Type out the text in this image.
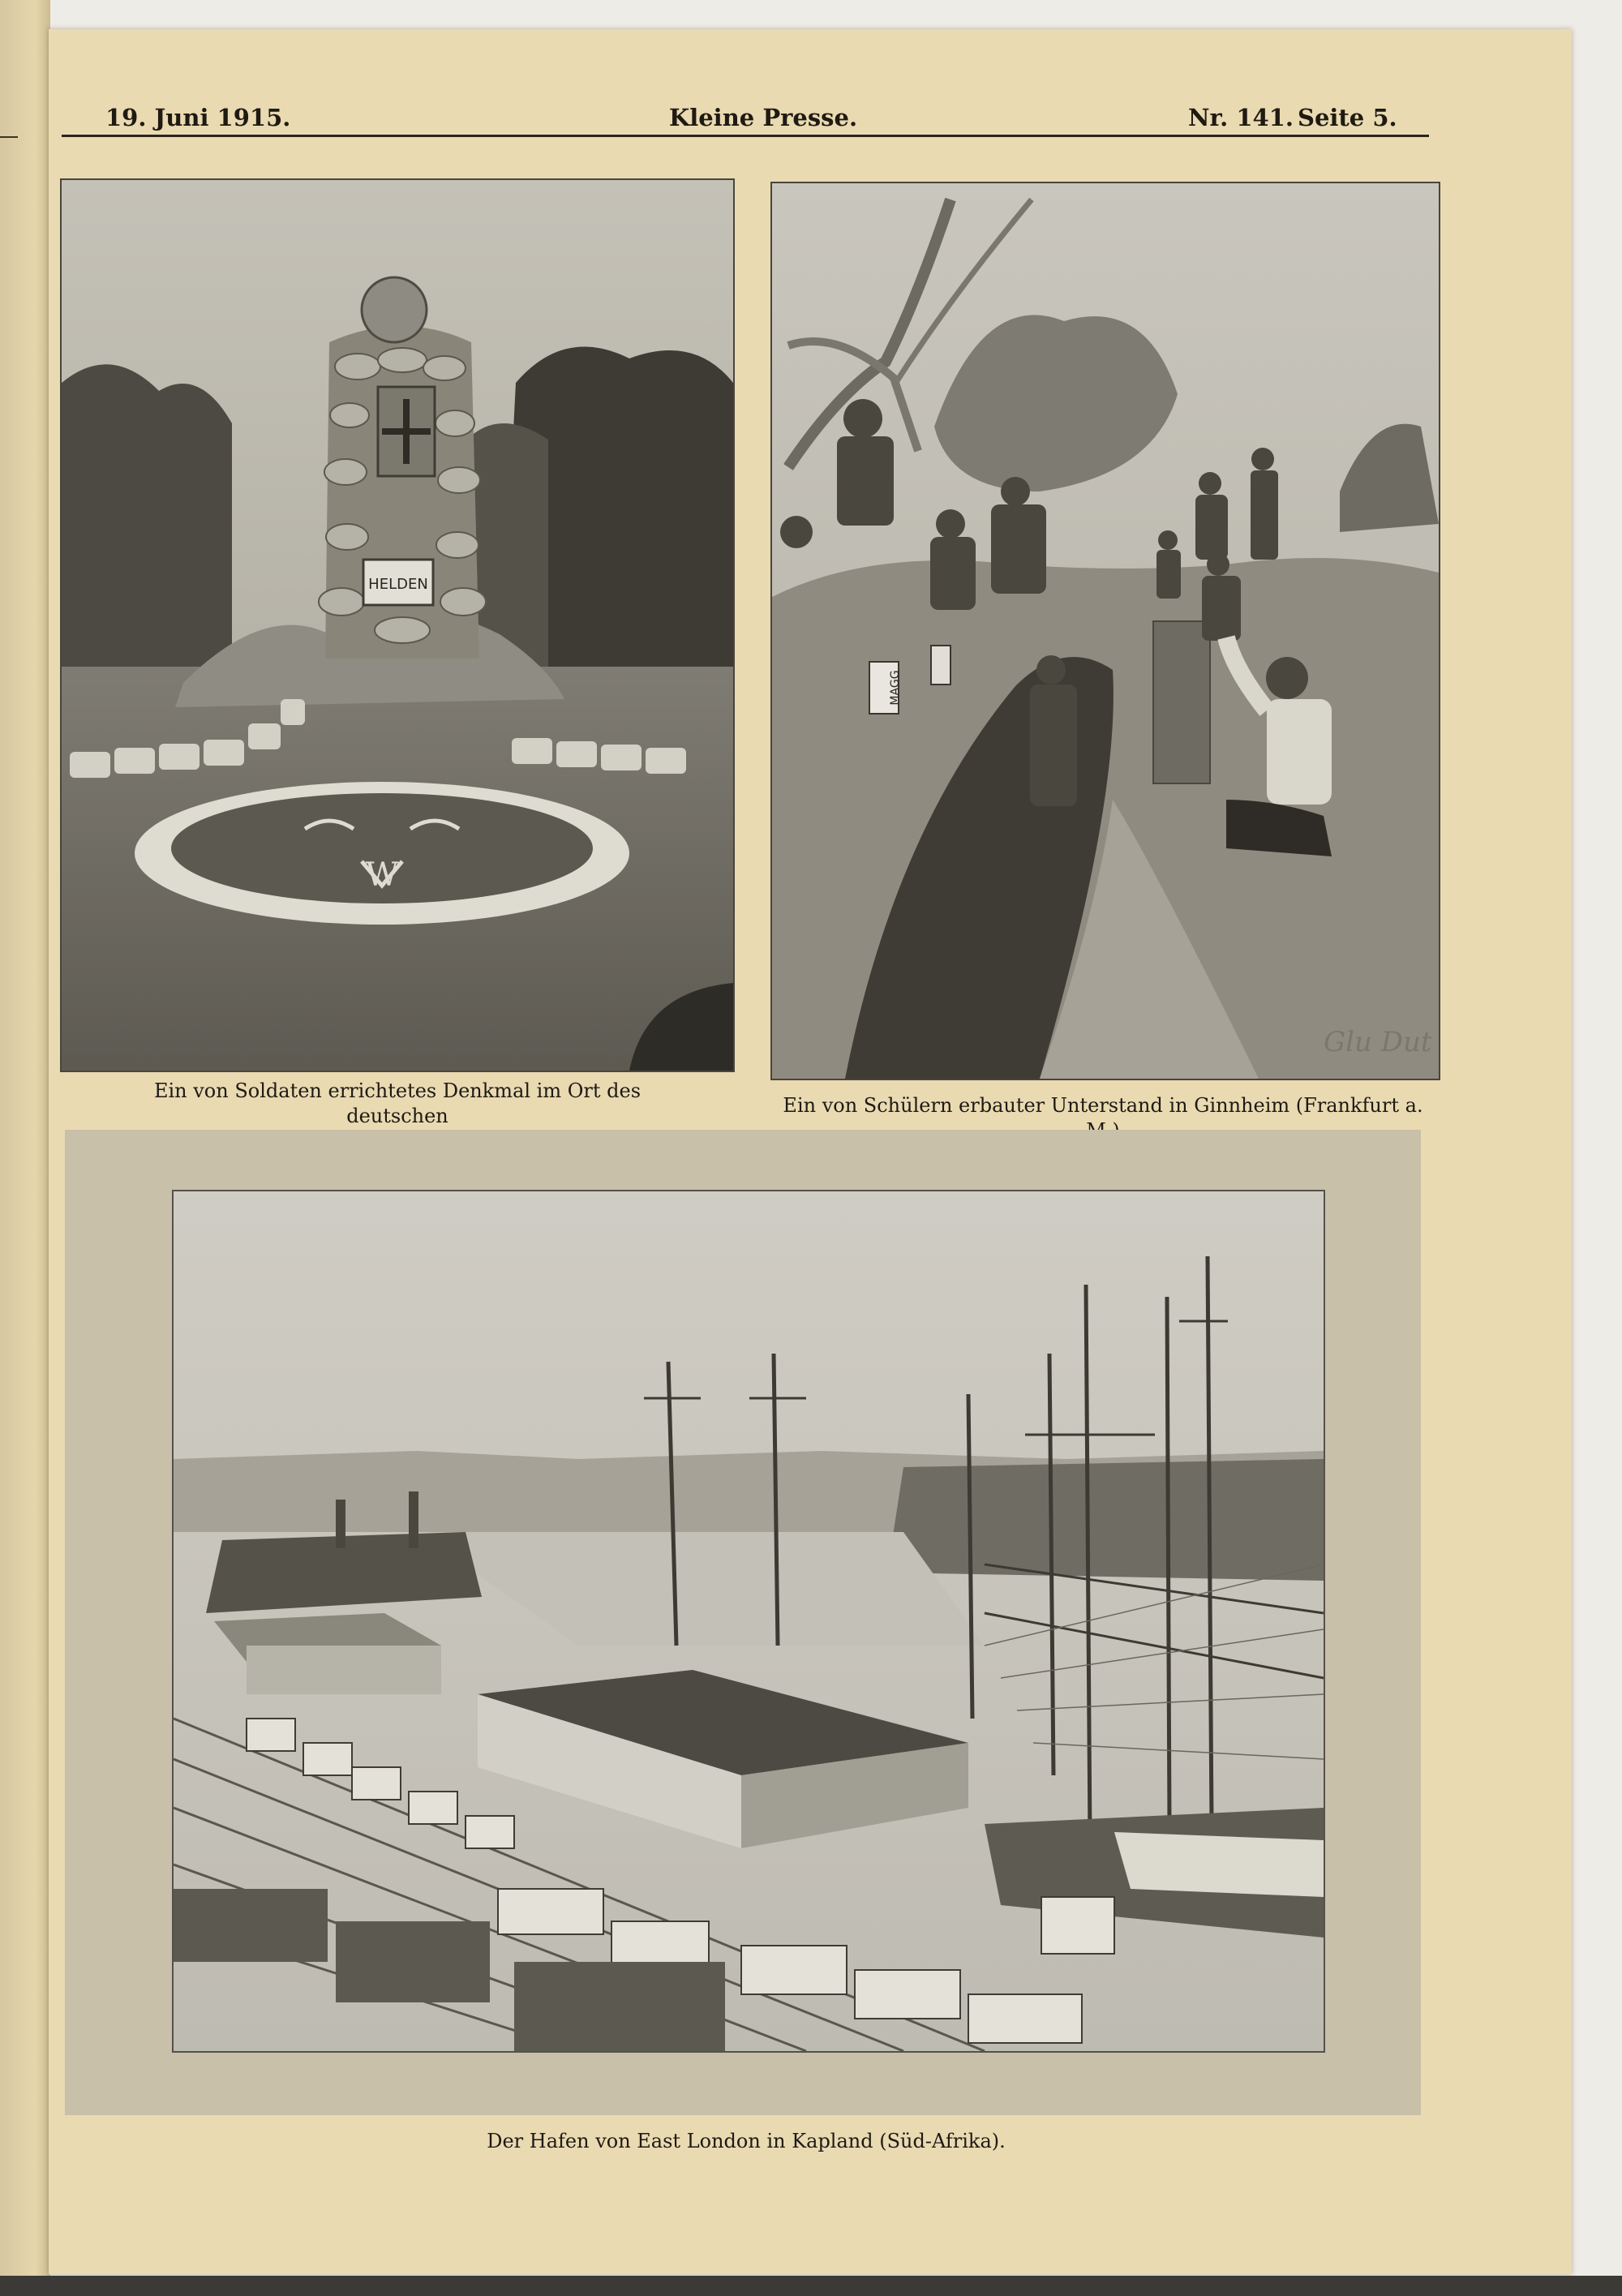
19. Juni 1915.	Kleine Presse.	Nr. 141. Seite 5.
HELDEN
W
Ein von Soldaten errichtetes Denkmal im Ort des deutschen
MAGG
Glu Dut
Ein von Schülern erbauter Unterstand in Ginnheim (Frankfurt a.
Der Hafen von East London in Kapland (Süd-Afrika).
